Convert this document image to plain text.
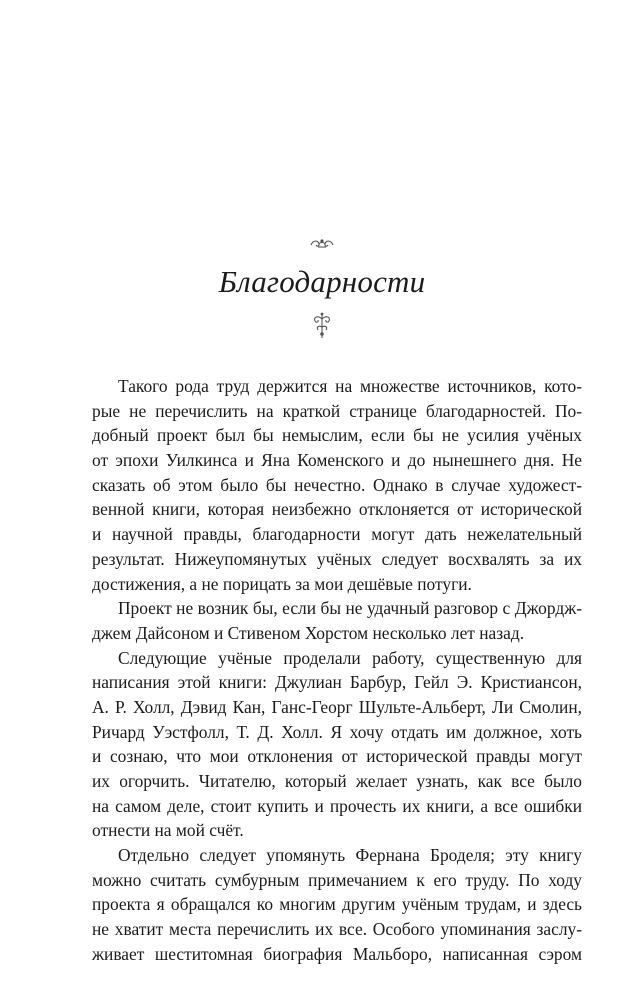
Благодарности
Такого рода труд держится на множестве источников, кото-
рые не перечислить на краткой странице благодарностей. По-
добный проект был бы немыслим, если бы не усилия учёных
от эпохи Уилкинса и Яна Коменского и до нынешнего дня. Не
сказать об этом было бы нечестно. Однако в случае художест-
венной книги, которая неизбежно отклоняется от исторической
и научной правды, благодарности могут дать нежелательный
результат. Нижеупомянутых учёных следует восхвалять за их
достижения, а не порицать за мои дешёвые потуги.
Проект не возник бы, если бы не удачный разговор с Джордж-
джем Дайсоном и Стивеном Хорстом несколько лет назад.
Следующие учёные проделали работу, существенную для
написания этой книги: Джулиан Барбур, Гейл Э. Кристиансон,
А. Р. Холл, Дэвид Кан, Ганс-Георг Шульте-Альберт, Ли Смолин,
Ричард Уэстфолл, Т. Д. Холл. Я хочу отдать им должное, хоть
и сознаю, что мои отклонения от исторической правды могут
их огорчить. Читателю, который желает узнать, как все было
на самом деле, стоит купить и прочесть их книги, а все ошибки
отнести на мой счёт.
Отдельно следует упомянуть Фернана Броделя; эту книгу
можно считать сумбурным примечанием к его труду. По ходу
проекта я обращался ко многим другим учёным трудам, и здесь
не хватит места перечислить их все. Особого упоминания заслу-
живает шеститомная биография Мальборо, написанная сэром
